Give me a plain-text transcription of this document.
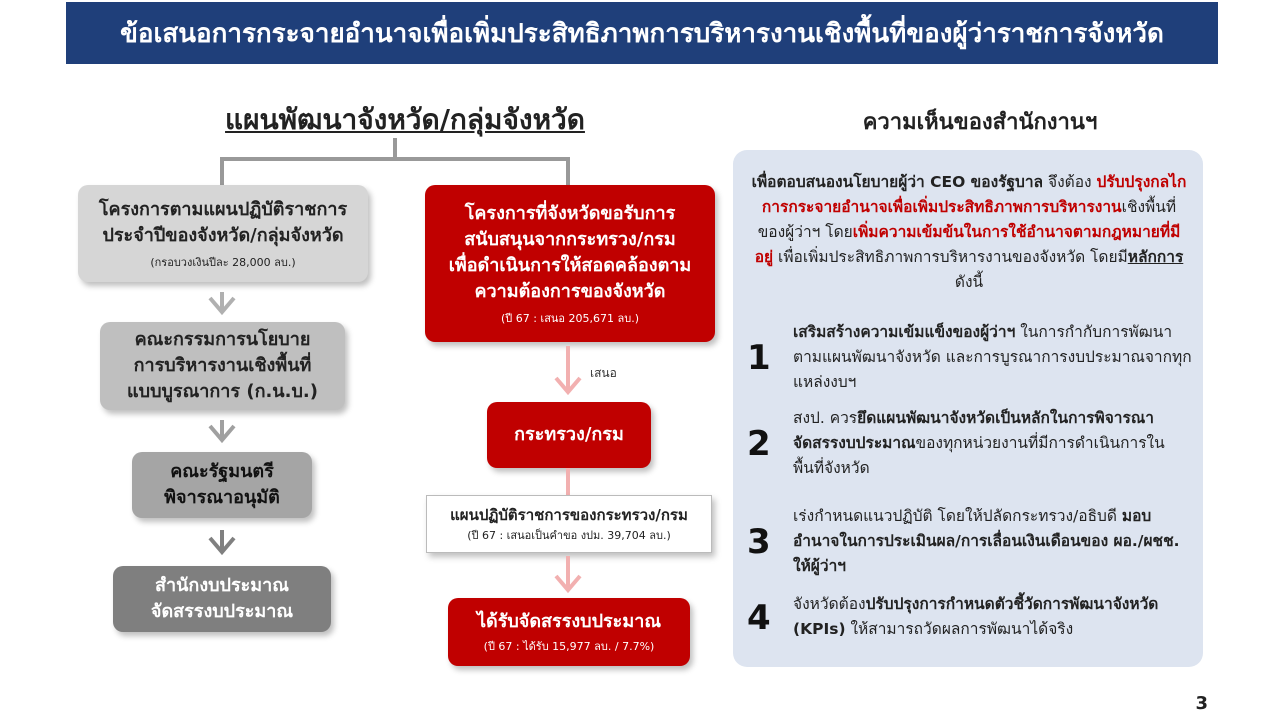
ข้อเสนอการกระจายอำนาจเพื่อเพิ่มประสิทธิภาพการบริหารงานเชิงพื้นที่ของผู้ว่าราชการจังหวัด
แผนพัฒนาจังหวัด/กลุ่มจังหวัด
โครงการตามแผนปฏิบัติราชการ
ประจำปีของจังหวัด/กลุ่มจังหวัด
(กรอบวงเงินปีละ 28,000 ลบ.)
คณะกรรมการนโยบาย
การบริหารงานเชิงพื้นที่
แบบบูรณาการ (ก.น.บ.)
คณะรัฐมนตรี
พิจารณาอนุมัติ
สำนักงบประมาณ
จัดสรรงบประมาณ
โครงการที่จังหวัดขอรับการ
สนับสนุนจากกระทรวง/กรม
เพื่อดำเนินการให้สอดคล้องตาม
ความต้องการของจังหวัด
(ปี 67 : เสนอ 205,671 ลบ.)
เสนอ
กระทรวง/กรม
แผนปฏิบัติราชการของกระทรวง/กรม
(ปี 67 : เสนอเป็นคำขอ งปม. 39,704 ลบ.)
ได้รับจัดสรรงบประมาณ
(ปี 67 : ได้รับ 15,977 ลบ. / 7.7%)
ความเห็นของสำนักงานฯ
เพื่อตอบสนองนโยบายผู้ว่า CEO ของรัฐบาล จึงต้อง ปรับปรุงกลไกการกระจายอำนาจเพื่อเพิ่มประสิทธิภาพการบริหารงานเชิงพื้นที่ของผู้ว่าฯ โดยเพิ่มความเข้มข้นในการใช้อำนาจตามกฎหมายที่มีอยู่ เพื่อเพิ่มประสิทธิภาพการบริหารงานของจังหวัด โดยมีหลักการ ดังนี้
1
เสริมสร้างความเข้มแข็งของผู้ว่าฯ ในการกำกับการพัฒนาตามแผนพัฒนาจังหวัด และการบูรณาการงบประมาณจากทุกแหล่งงบฯ
2
สงป. ควรยึดแผนพัฒนาจังหวัดเป็นหลักในการพิจารณาจัดสรรงบประมาณของทุกหน่วยงานที่มีการดำเนินการในพื้นที่จังหวัด
3
เร่งกำหนดแนวปฏิบัติ โดยให้ปลัดกระทรวง/อธิบดี มอบอำนาจในการประเมินผล/การเลื่อนเงินเดือนของ ผอ./ผชช. ให้ผู้ว่าฯ
4 จังหวัดต้องปรับปรุงการกำหนดตัวชี้วัดการพัฒนาจังหวัด (KPIs) ให้สามารถวัดผลการพัฒนาได้จริง
3
